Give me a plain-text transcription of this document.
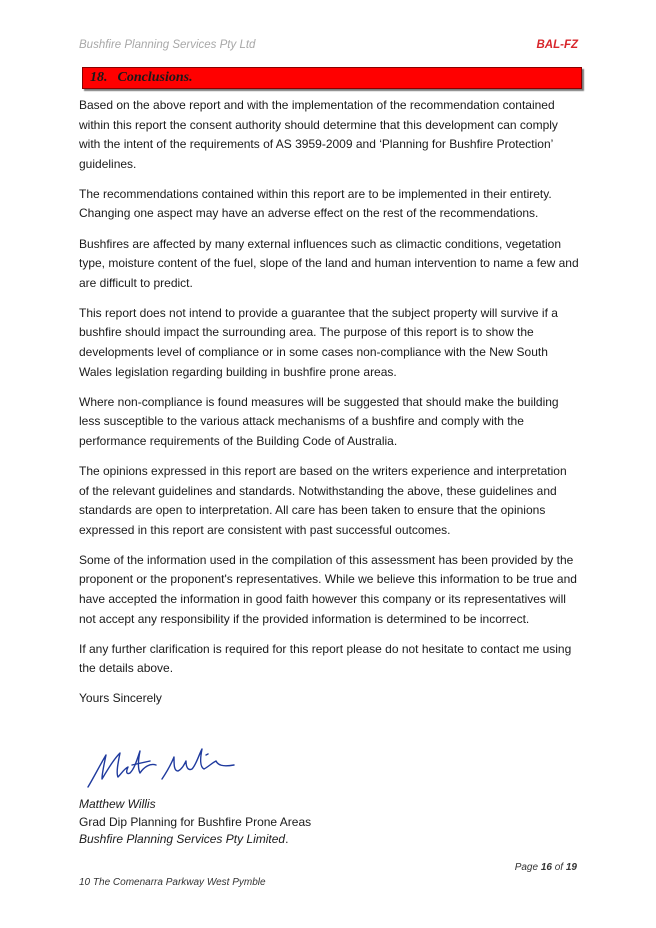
Bushfire Planning Services Pty Ltd	BAL-FZ
18. Conclusions.

Based on the above report and with the implementation of the recommendation contained within this report the consent authority should determine that this development can comply with the intent of the requirements of AS 3959-2009 and ‘Planning for Bushfire Protection’ guidelines.

The recommendations contained within this report are to be implemented in their entirety. Changing one aspect may have an adverse effect on the rest of the recommendations.

Bushfires are affected by many external influences such as climactic conditions, vegetation type, moisture content of the fuel, slope of the land and human intervention to name a few and are difficult to predict.

This report does not intend to provide a guarantee that the subject property will survive if a bushfire should impact the surrounding area. The purpose of this report is to show the developments level of compliance or in some cases non-compliance with the New South Wales legislation regarding building in bushfire prone areas.

Where non-compliance is found measures will be suggested that should make the building less susceptible to the various attack mechanisms of a bushfire and comply with the performance requirements of the Building Code of Australia.

The opinions expressed in this report are based on the writers experience and interpretation of the relevant guidelines and standards. Notwithstanding the above, these guidelines and standards are open to interpretation. All care has been taken to ensure that the opinions expressed in this report are consistent with past successful outcomes.

Some of the information used in the compilation of this assessment has been provided by the proponent or the proponent's representatives. While we believe this information to be true and have accepted the information in good faith however this company or its representatives will not accept any responsibility if the provided information is determined to be incorrect.

If any further clarification is required for this report please do not hesitate to contact me using the details above.

Yours Sincerely

Matthew Willis
Grad Dip Planning for Bushfire Prone Areas
Bushfire Planning Services Pty Limited.
Page 16 of 19
10 The Comenarra Parkway West Pymble
